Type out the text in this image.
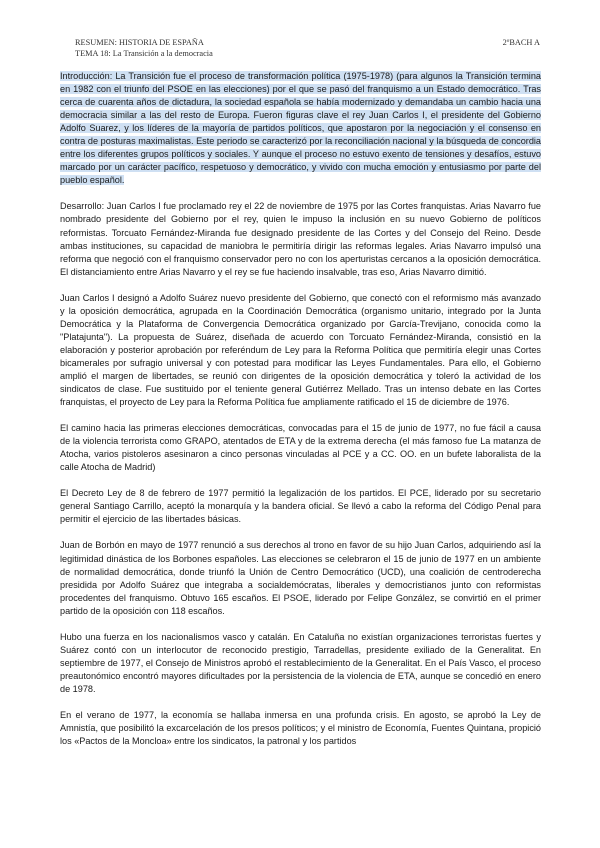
RESUMEN: HISTORIA DE ESPAÑA
TEMA 18: La Transición a la democracia
2ºBACH A

Introducción: La Transición fue el proceso de transformación política (1975-1978) (para algunos la Transición termina en 1982 con el triunfo del PSOE en las elecciones) por el que se pasó del franquismo a un Estado democrático. Tras cerca de cuarenta años de dictadura, la sociedad española se había modernizado y demandaba un cambio hacia una democracia similar a las del resto de Europa. Fueron figuras clave el rey Juan Carlos I, el presidente del Gobierno Adolfo Suarez, y los líderes de la mayoría de partidos políticos, que apostaron por la negociación y el consenso en contra de posturas maximalistas. Este periodo se caracterizó por la reconciliación nacional y la búsqueda de concordia entre los diferentes grupos políticos y sociales. Y aunque el proceso no estuvo exento de tensiones y desafíos, estuvo marcado por un carácter pacífico, respetuoso y democrático, y vivido con mucha emoción y entusiasmo por parte del pueblo español.

Desarrollo: Juan Carlos I fue proclamado rey el 22 de noviembre de 1975 por las Cortes franquistas. Arias Navarro fue nombrado presidente del Gobierno por el rey, quien le impuso la inclusión en su nuevo Gobierno de políticos reformistas. Torcuato Fernández-Miranda fue designado presidente de las Cortes y del Consejo del Reino. Desde ambas instituciones, su capacidad de maniobra le permitiría dirigir las reformas legales. Arias Navarro impulsó una reforma que negoció con el franquismo conservador pero no con los aperturistas cercanos a la oposición democrática. El distanciamiento entre Arias Navarro y el rey se fue haciendo insalvable, tras eso, Arias Navarro dimitió.

Juan Carlos I designó a Adolfo Suárez nuevo presidente del Gobierno, que conectó con el reformismo más avanzado y la oposición democrática, agrupada en la Coordinación Democrática (organismo unitario, integrado por la Junta Democrática y la Plataforma de Convergencia Democrática organizado por García-Trevijano, conocida como la "Platajunta"). La propuesta de Suárez, diseñada de acuerdo con Torcuato Fernández-Miranda, consistió en la elaboración y posterior aprobación por referéndum de Ley para la Reforma Política que permitiría elegir unas Cortes bicamerales por sufragio universal y con potestad para modificar las Leyes Fundamentales. Para ello, el Gobierno amplió el margen de libertades, se reunió con dirigentes de la oposición democrática y toleró la actividad de los sindicatos de clase. Fue sustituido por el teniente general Gutiérrez Mellado. Tras un intenso debate en las Cortes franquistas, el proyecto de Ley para la Reforma Política fue ampliamente ratificado el 15 de diciembre de 1976.

El camino hacia las primeras elecciones democráticas, convocadas para el 15 de junio de 1977, no fue fácil a causa de la violencia terrorista como GRAPO, atentados de ETA y de la extrema derecha (el más famoso fue La matanza de Atocha, varios pistoleros asesinaron a cinco personas vinculadas al PCE y a CC. OO. en un bufete laboralista de la calle Atocha de Madrid)

El Decreto Ley de 8 de febrero de 1977 permitió la legalización de los partidos. El PCE, liderado por su secretario general Santiago Carrillo, aceptó la monarquía y la bandera oficial. Se llevó a cabo la reforma del Código Penal para permitir el ejercicio de las libertades básicas.

Juan de Borbón en mayo de 1977 renunció a sus derechos al trono en favor de su hijo Juan Carlos, adquiriendo así la legitimidad dinástica de los Borbones españoles. Las elecciones se celebraron el 15 de junio de 1977 en un ambiente de normalidad democrática, donde triunfó la Unión de Centro Democrático (UCD), una coalición de centroderecha presidida por Adolfo Suárez que integraba a socialdemócratas, liberales y democristianos junto con reformistas procedentes del franquismo. Obtuvo 165 escaños. El PSOE, liderado por Felipe González, se convirtió en el primer partido de la oposición con 118 escaños.

Hubo una fuerza en los nacionalismos vasco y catalán. En Cataluña no existían organizaciones terroristas fuertes y Suárez contó con un interlocutor de reconocido prestigio, Tarradellas, presidente exiliado de la Generalitat. En septiembre de 1977, el Consejo de Ministros aprobó el restablecimiento de la Generalitat. En el País Vasco, el proceso preautonómico encontró mayores dificultades por la persistencia de la violencia de ETA, aunque se concedió en enero de 1978.

En el verano de 1977, la economía se hallaba inmersa en una profunda crisis. En agosto, se aprobó la Ley de Amnistía, que posibilitó la excarcelación de los presos políticos; y el ministro de Economía, Fuentes Quintana, propició los «Pactos de la Moncloa» entre los sindicatos, la patronal y los partidos
